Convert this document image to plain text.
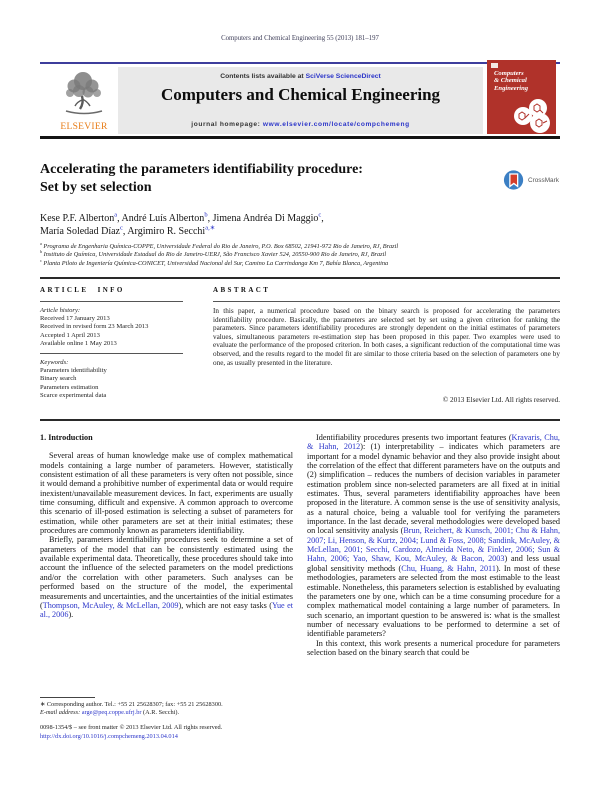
Computers and Chemical Engineering 55 (2013) 181–197
ELSEVIER
Contents lists available at SciVerse ScienceDirect
Computers and Chemical Engineering
journal homepage: www.elsevier.com/locate/compchemeng
Computers
& Chemical
Engineering
CrossMark
Accelerating the parameters identifiability procedure:
Set by set selection
Kese P.F. Alberton$^a$, André Luís Alberton$^b$, Jimena Andréa Di Maggio$^c$,
María Soledad Díaz$^c$, Argimiro R. Secchi$^{a,∗}$
$^a$ Programa de Engenharia Química-COPPE, Universidade Federal do Rio de Janeiro, P.O. Box 68502, 21941-972 Rio de Janeiro, RJ, Brazil
$^b$ Instituto de Química, Universidade Estadual do Rio de Janeiro-UERJ, São Francisco Xavier 524, 20550-900 Rio de Janeiro, RJ, Brazil
$^c$ Planta Piloto de Ingeniería Química-CONICET, Universidad Nacional del Sur, Camino La Carrindanga Km 7, Bahía Blanca, Argentina
ARTICLE INFO	ABSTRACT
Article history:
Received 17 January 2013
Received in revised form 23 March 2013
Accepted 1 April 2013
Available online 1 May 2013
Keywords:
Parameters identifiability
Binary search
Parameters estimation
Scarce experimental data
In this paper, a numerical procedure based on the binary search is proposed for accelerating the parameters identifiability procedure. Basically, the parameters are selected set by set using a given criterion for ranking the parameters. Since parameters identifiability procedures are strongly dependent on the initial estimates of parameters values, simultaneous parameters re-estimation step has been proposed in this paper. Two examples were used to evaluate the performance of the proposed criterion. In both cases, a significant reduction of the computational time was observed, and the results regard to the model fit are similar to those criteria based on the selection of parameters one by one, as usually presented in the literature.
© 2013 Elsevier Ltd. All rights reserved.
1. Introduction

Several areas of human knowledge make use of complex mathematical models containing a large number of parameters. However, statistically consistent estimation of all these parameters is very often not possible, since it would demand a prohibitive number of experimental data or would require inexistent/unavailable measurement devices. In fact, experiments are usually time consuming, difficult and expensive. A common approach to overcome this scenario of ill-posed estimation is selecting a subset of parameters for estimation, while other parameters are set at their initial estimates; these procedures are commonly known as parameters identifiability.

Briefly, parameters identifiability procedures seek to determine a set of parameters of the model that can be consistently estimated using the available experimental data. Theoretically, these procedures should take into account the influence of the selected parameters on the model predictions and/or the correlation with other parameters. Such analyses can be performed based on the structure of the model, the experimental measurements and uncertainties, and the uncertainties of the initial estimates (Thompson, McAuley, & McLellan, 2009), which are not easy tasks (Yue et al., 2006).

Identifiability procedures presents two important features (Kravaris, Chu, & Hahn, 2012): (1) interpretability – indicates which parameters are important for a model dynamic behavior and they also provide insight about the correlation of the effect that different parameters have on the outputs and (2) simplification – reduces the numbers of decision variables in parameter estimation problem since non-selected parameters are all fixed at in initial estimates. Thus, several parameters identifiability approaches have been proposed in the literature. A common sense is the use of sensitivity analysis, as a natural choice, being a valuable tool for verifying the parameters importance. In the last decade, several methodologies were developed based on local sensitivity analysis (Brun, Reichert, & Kunsch, 2001; Chu & Hahn, 2007; Li, Henson, & Kurtz, 2004; Lund & Foss, 2008; Sandink, McAuley, & McLellan, 2001; Secchi, Cardozo, Almeida Neto, & Finkler, 2006; Sun & Hahn, 2006; Yao, Shaw, Kou, McAuley, & Bacon, 2003) and less usual global sensitivity methods (Chu, Huang, & Hahn, 2011). In most of these methodologies, parameters are selected from the most estimable to the least estimable. Nonetheless, this parameters selection is established by evaluating the parameters one by one, which can be a time consuming procedure for a complex mathematical model containing a large number of parameters. In such scenario, an important question to be answered is: what is the smallest number of necessary evaluations to be performed to determine a set of identifiable parameters?

In this context, this work presents a numerical procedure for parameters selection based on the binary search that could be

∗ Corresponding author. Tel.: +55 21 25628307; fax: +55 21 25628300.
E-mail address: arge@peq.coppe.ufrj.br (A.R. Secchi).
0098-1354/$ – see front matter © 2013 Elsevier Ltd. All rights reserved.
http://dx.doi.org/10.1016/j.compchemeng.2013.04.014
